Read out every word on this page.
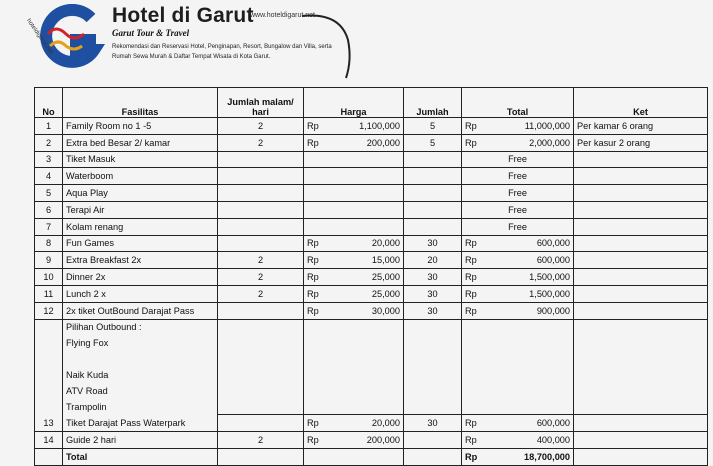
hoteldigarut.net
Hotel di Garut
www.hoteldigarut.net
Garut Tour & Travel
Rekomendasi dan Reservasi Hotel, Penginapan, Resort, Bungalow dan Villa, serta Rumah Sewa Murah & Daftar Tempat Wisata di Kota Garut.
No	Fasilitas	Jumlah malam/ hari	Harga		Jumlah	Total		Ket
1	Family Room no 1 -5	2	Rp	1,100,000	5	Rp	11,000,000	Per kamar 6 orang
2	Extra bed Besar 2/ kamar	2	Rp	200,000	5	Rp	2,000,000	Per kasur 2 orang
3	Tiket Masuk					Free		
4	Waterboom					Free		
5	Aqua Play					Free		
6	Terapi Air					Free		
7	Kolam renang					Free		
8	Fun Games		Rp	20,000	30	Rp	600,000	
9	Extra Breakfast 2x	2	Rp	15,000	20	Rp	600,000	
10	Dinner 2x	2	Rp	25,000	30	Rp	1,500,000	
11	Lunch 2 x	2	Rp	25,000	30	Rp	1,500,000	
12	2x tiket OutBound Darajat Pass		Rp	30,000	30	Rp	900,000	
	Pilihan Outbound :							
	Flying Fox							

	Naik Kuda							
	ATV Road							
	Trampolin							
13	Tiket Darajat Pass Waterpark		Rp	20,000	30	Rp	600,000	
14	Guide 2 hari	2	Rp	200,000		Rp	400,000	
	Total					Rp	18,700,000	
